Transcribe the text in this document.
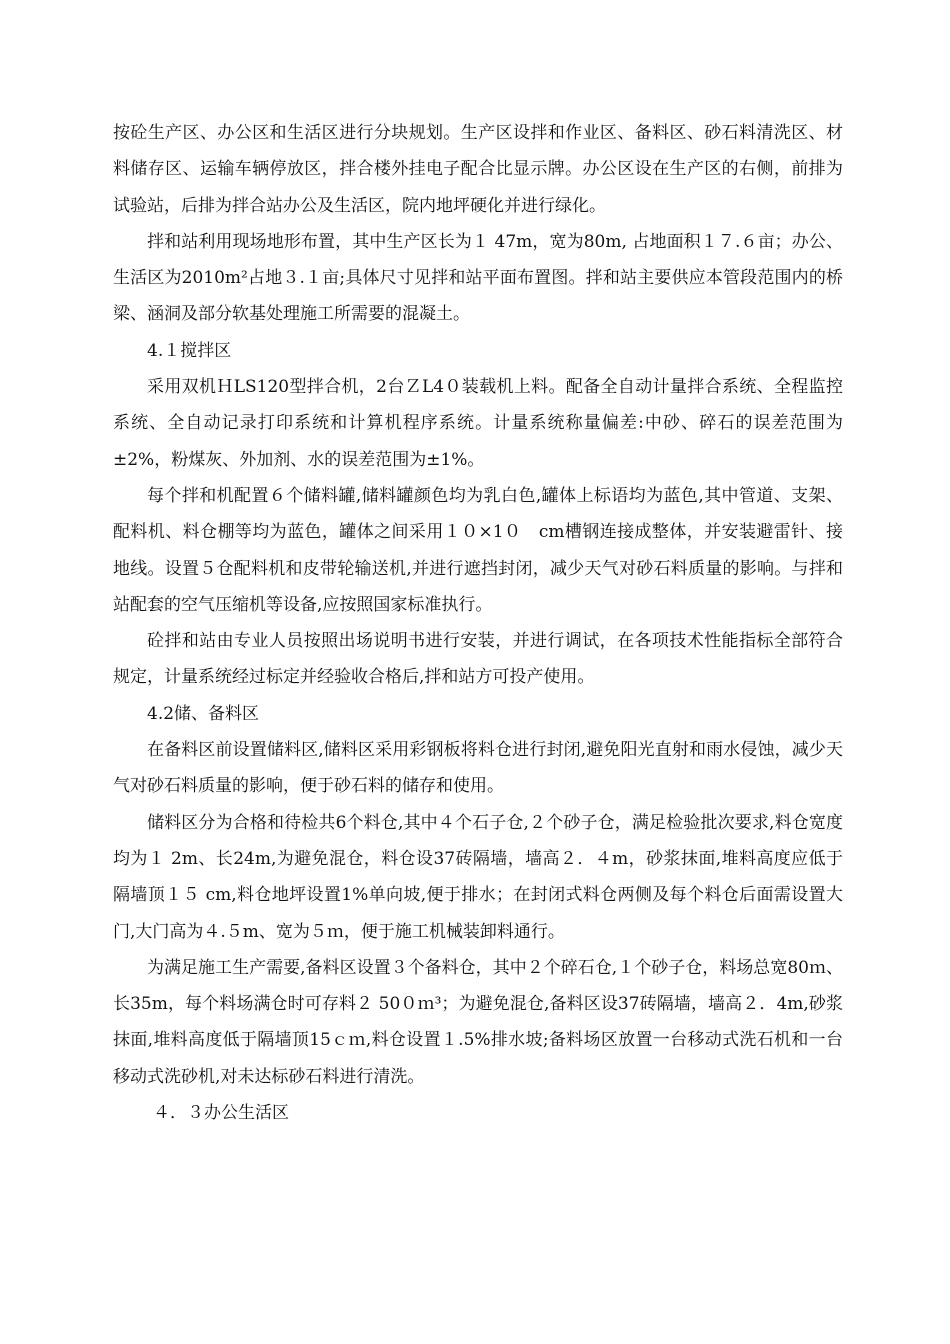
按砼生产区、办公区和生活区进行分块规划。生产区设拌和作业区、备料区、砂石料清洗区、材料储存区、运输车辆停放区，拌合楼外挂电子配合比显示牌。办公区设在生产区的右侧，前排为试验站，后排为拌合站办公及生活区，院内地坪硬化并进行绿化。

拌和站利用现场地形布置，其中生产区长为１ 47m，宽为80m, 占地面积１７.６亩；办公、生活区为2010m²占地３.１亩;具体尺寸见拌和站平面布置图。拌和站主要供应本管段范围内的桥梁、涵洞及部分软基处理施工所需要的混凝土。

4.１搅拌区

采用双机ＨLS120型拌合机，2台ＺL4０装载机上料。配备全自动计量拌合系统、全程监控系统、全自动记录打印系统和计算机程序系统。计量系统称量偏差:中砂、碎石的误差范围为±2%，粉煤灰、外加剂、水的误差范围为±1%。

每个拌和机配置６个储料罐,储料罐颜色均为乳白色,罐体上标语均为蓝色,其中管道、支架、配料机、料仓棚等均为蓝色，罐体之间采用１０×1０　cm槽钢连接成整体，并安装避雷针、接地线。设置５仓配料机和皮带轮输送机,并进行遮挡封闭，减少天气对砂石料质量的影响。与拌和站配套的空气压缩机等设备,应按照国家标准执行。

砼拌和站由专业人员按照出场说明书进行安装，并进行调试，在各项技术性能指标全部符合规定，计量系统经过标定并经验收合格后,拌和站方可投产使用。

4.2储、备料区

在备料区前设置储料区,储料区采用彩钢板将料仓进行封闭,避免阳光直射和雨水侵蚀，减少天气对砂石料质量的影响，便于砂石料的储存和使用。

储料区分为合格和待检共6个料仓,其中４个石子仓,２个砂子仓，满足检验批次要求,料仓宽度均为１ 2m、长24m,为避免混仓，料仓设37砖隔墙，墙高２．４m，砂浆抹面,堆料高度应低于隔墙顶１５ cm,料仓地坪设置1%单向坡,便于排水；在封闭式料仓两侧及每个料仓后面需设置大门,大门高为４.５m、宽为５ｍ，便于施工机械装卸料通行。

为满足施工生产需要,备料区设置３个备料仓，其中２个碎石仓,１个砂子仓，料场总宽80ｍ、长35m，每个料场满仓时可存料２ 50０ｍ³；为避免混仓,备料区设37砖隔墙，墙高２．4m,砂浆抹面,堆料高度低于隔墙顶15ｃｍ,料仓设置１.5%排水坡;备料场区放置一台移动式洗石机和一台移动式洗砂机,对未达标砂石料进行清洗。

４．３办公生活区
